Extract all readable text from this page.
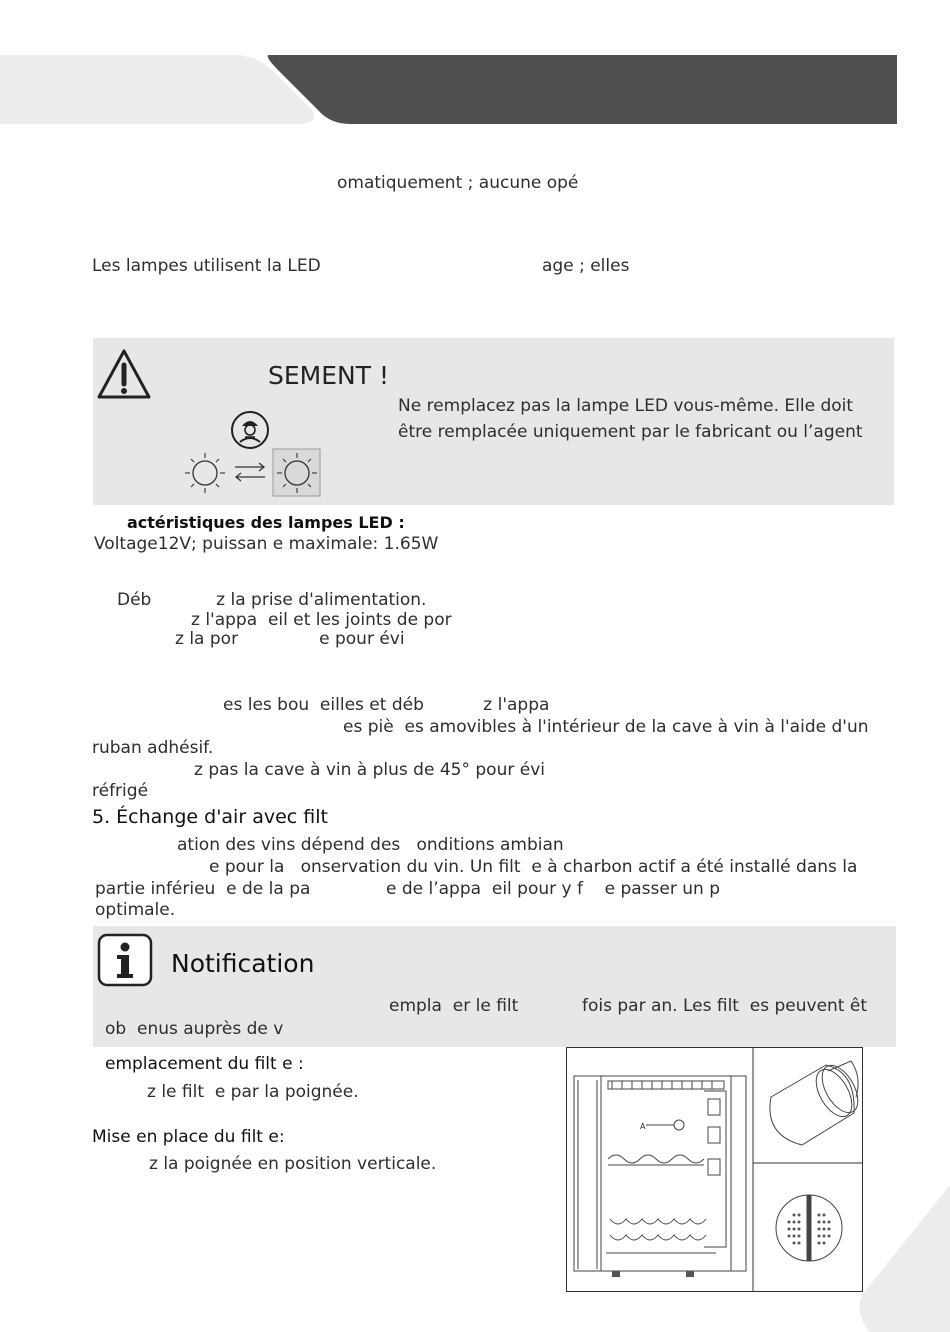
omatiquement ; aucune opé
Les lampes utilisent la LED	age ; elles
SEMENT !
Ne remplacez pas la lampe LED vous-même. Elle doit
être remplacée uniquement par le fabricant ou l’agent
actéristiques des lampes LED :
Voltage12V; puissan e maximale: 1.65W
Déb            z la prise d'alimentation.
z l'appa  eil et les joints de por
z la por               e pour évi
es les bou  eilles et déb           z l'appa
es piè  es amovibles à l'intérieur de la cave à vin à l'aide d'un
ruban adhésif.
z pas la cave à vin à plus de 45° pour évi
réfrigé
5. Échange d'air avec filt
ation des vins dépend des   onditions ambian
e pour la   onservation du vin. Un filt  e à charbon actif a été installé dans la
partie inférieu  e de la pa	e de l’appa  eil pour y f    e passer un p
optimale.
Notification
empla  er le filt	fois par an. Les filt  es peuvent êt
ob  enus auprès de v
emplacement du filt e :
z le filt  e par la poignée.
Mise en place du filt e:
z la poignée en position verticale.
A
